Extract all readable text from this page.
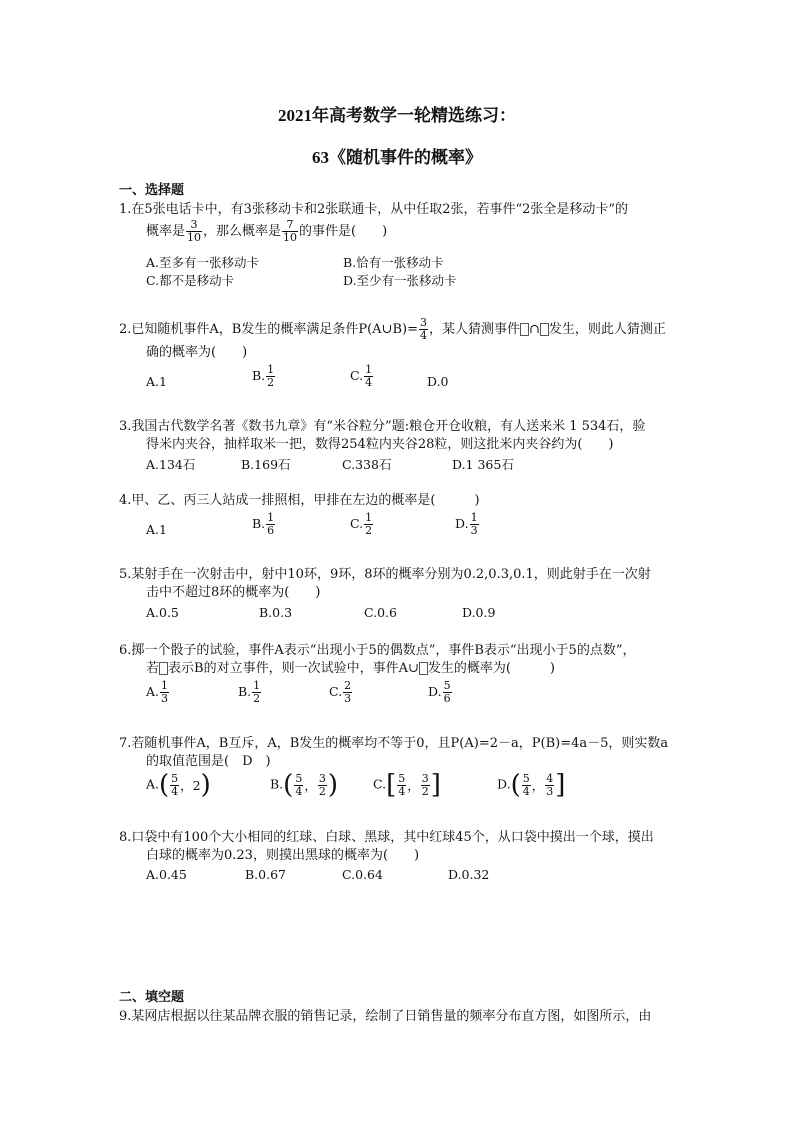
2021年高考数学一轮精选练习：
63《随机事件的概率》
一、选择题
1.在5张电话卡中，有3张移动卡和2张联通卡，从中任取2张，若事件“2张全是移动卡”的
概率是 $\frac{3}{10}$ ，那么概率是 $\frac{7}{10}$ 的事件是(　　)
A.至多有一张移动卡	B.恰有一张移动卡
C.都不是移动卡	D.至少有一张移动卡
2.已知随机事件A，B发生的概率满足条件P(A∪B)= $\frac{3}{4}$ ，某人猜测事件 ∩ 发生，则此人猜测正
确的概率为(　　)
A.1	B. $\frac{1}{2}$	C. $\frac{1}{4}$	D.0
3.我国古代数学名著《数书九章》有“米谷粒分”题:粮仓开仓收粮，有人送来米 1 534石，验
得米内夹谷，抽样取米一把，数得254粒内夹谷28粒，则这批米内夹谷约为(　　)
A.134石	B.169石	C.338石	D.1 365石
4.甲、乙、丙三人站成一排照相，甲排在左边的概率是(　　　)
A.1	B. $\frac{1}{6}$	C. $\frac{1}{2}$	D. $\frac{1}{3}$
5.某射手在一次射击中，射中10环，9环，8环的概率分别为0.2,0.3,0.1，则此射手在一次射
击中不超过8环的概率为(　　)
A.0.5	B.0.3	C.0.6	D.0.9
6.掷一个骰子的试验，事件A表示“出现小于5的偶数点”，事件B表示“出现小于5的点数”，
若 表示B的对立事件，则一次试验中，事件A∪ 发生的概率为(　　　)
A. $\frac{1}{3}$	B. $\frac{1}{2}$	C. $\frac{2}{3}$	D. $\frac{5}{6}$
7.若随机事件A，B互斥，A，B发生的概率均不等于0，且P(A)=2－a，P(B)=4a－5，则实数a
的取值范围是(　D　)
A. ( $\frac{5}{4}$ ，2 )	B. ( $\frac{5}{4}$ ， $\frac{3}{2}$ )	C. [ $\frac{5}{4}$ ， $\frac{3}{2}$ ]	D. ( $\frac{5}{4}$ ， $\frac{4}{3}$ ]
8.口袋中有100个大小相同的红球、白球、黑球，其中红球45个，从口袋中摸出一个球，摸出
白球的概率为0.23，则摸出黑球的概率为(　　)
A.0.45	B.0.67	C.0.64	D.0.32
二、填空题
9.某网店根据以往某品牌衣服的销售记录，绘制了日销售量的频率分布直方图，如图所示，由
